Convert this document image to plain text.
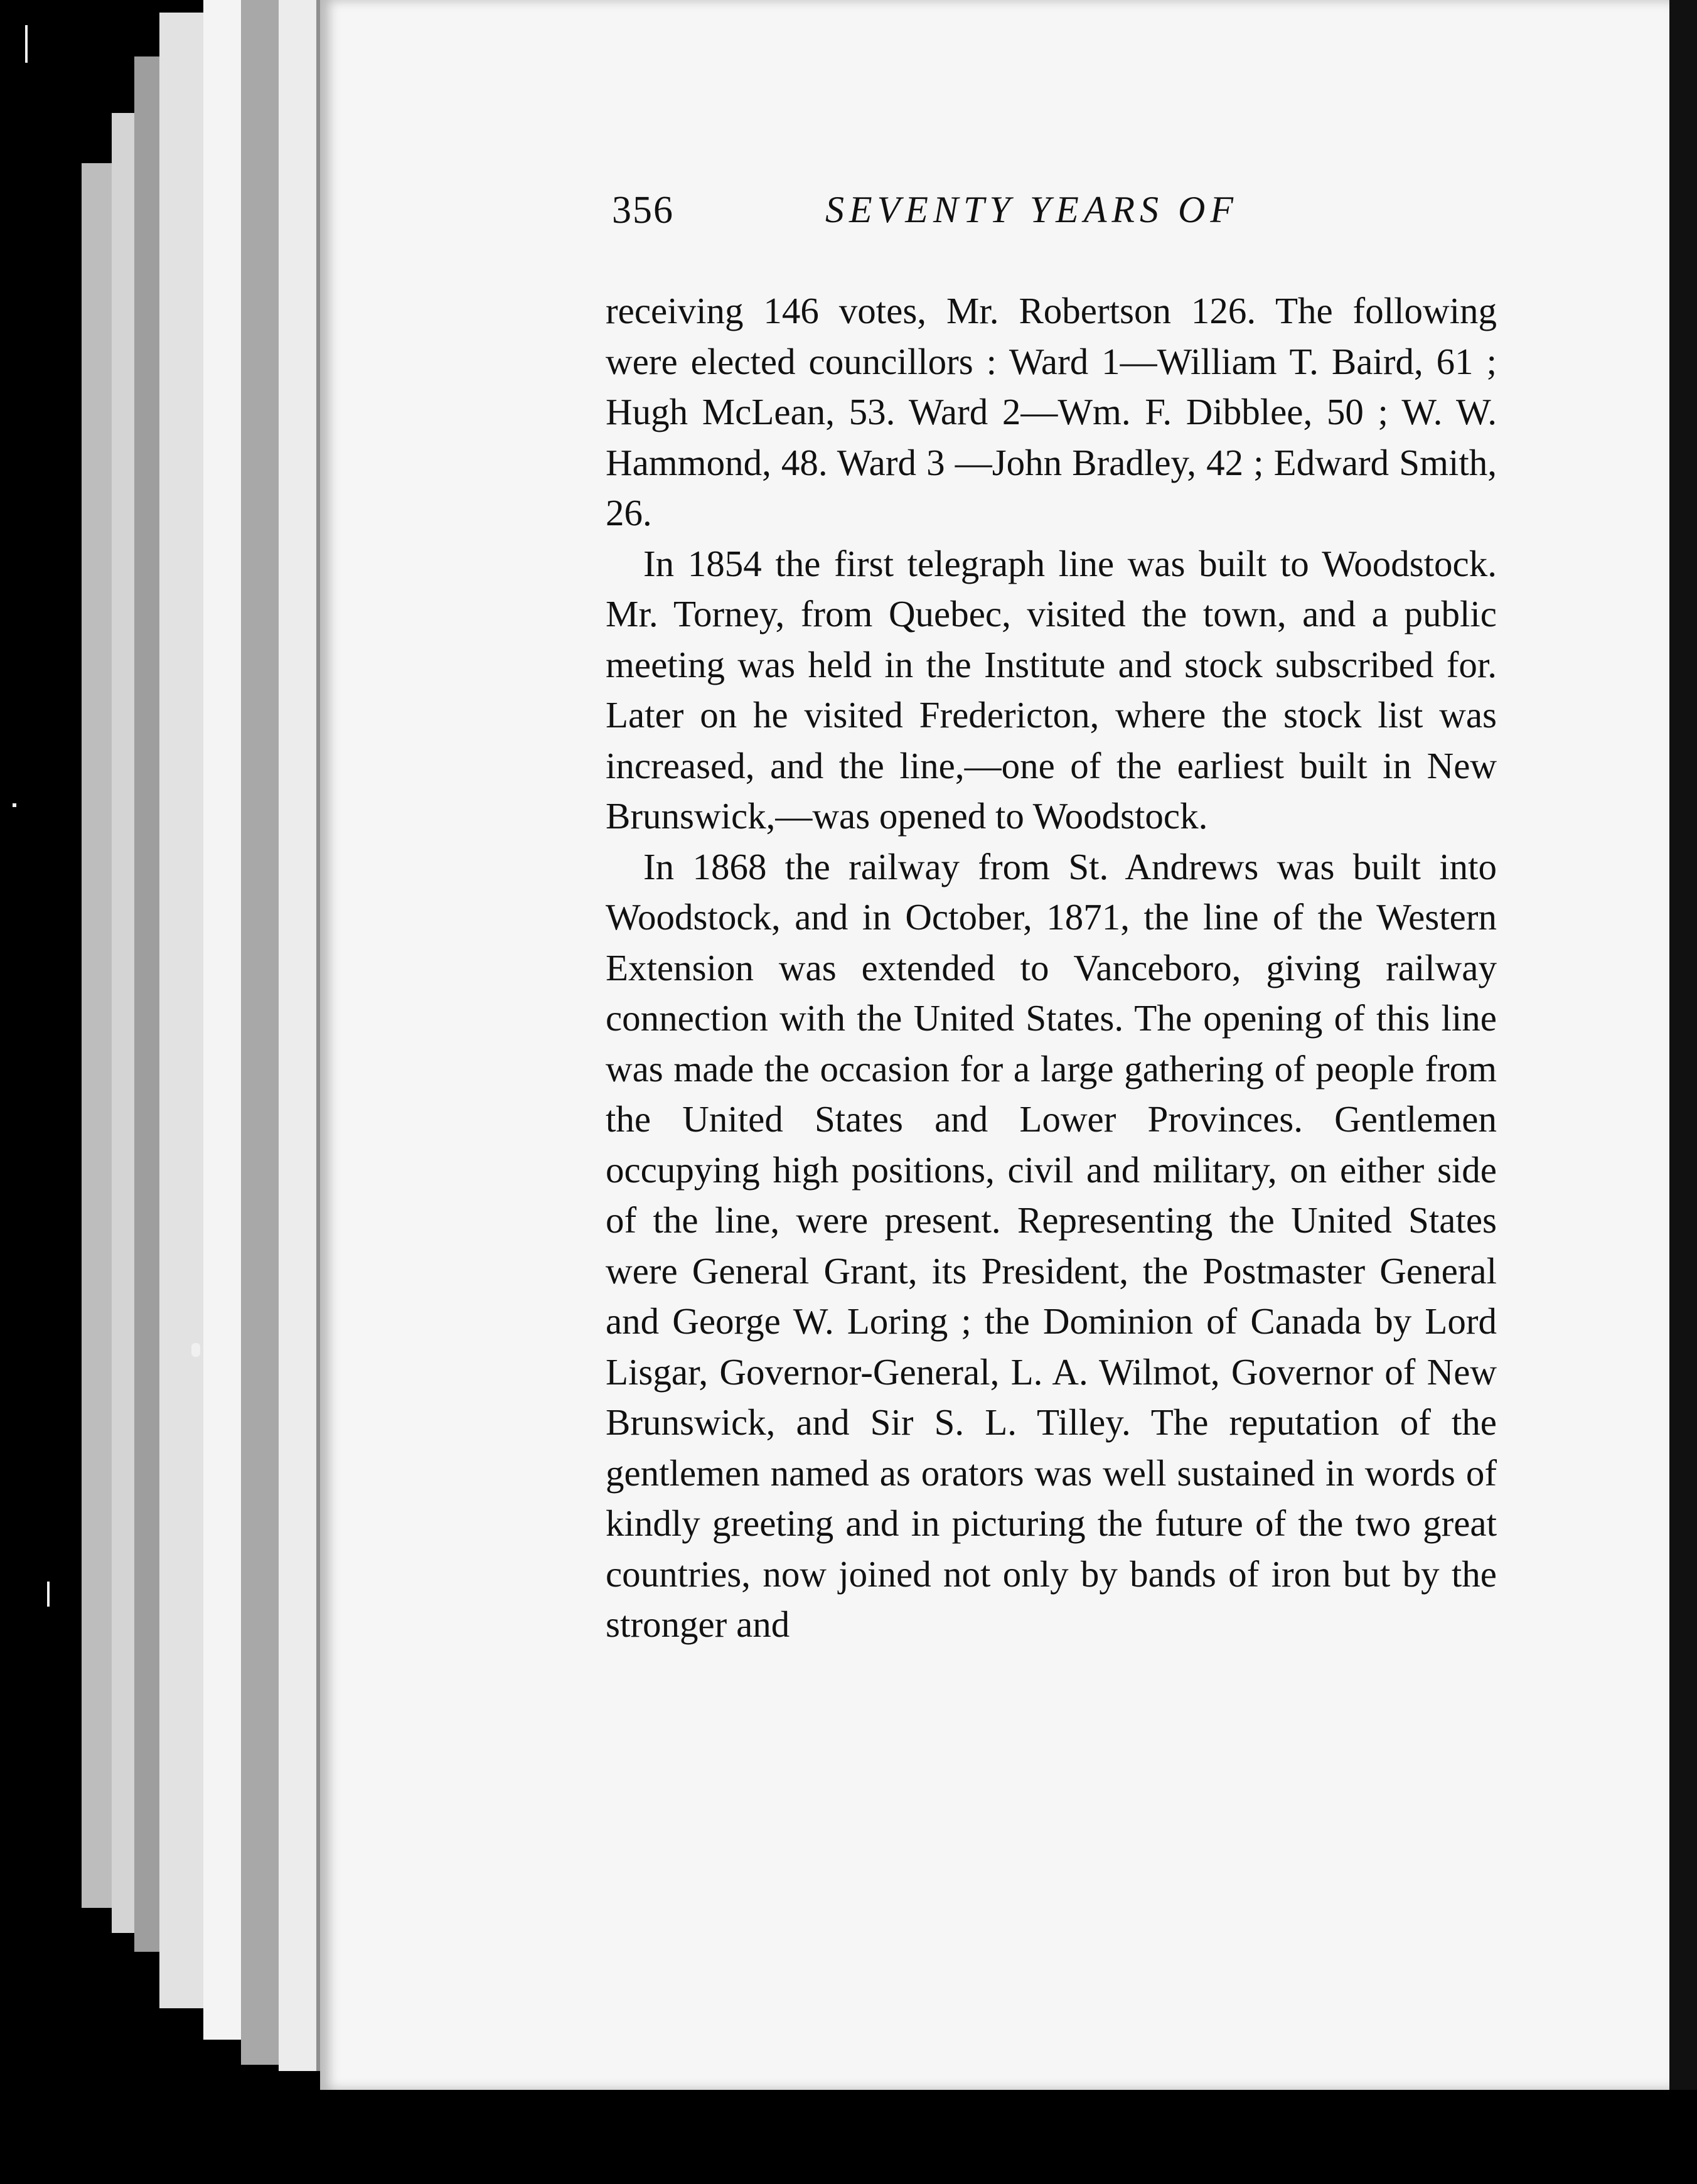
356	SEVENTY YEARS OF

receiving 146 votes, Mr. Robertson 126. The following were elected councillors : Ward 1—William T. Baird, 61 ; Hugh McLean, 53. Ward 2—Wm. F. Dibblee, 50 ; W. W. Hammond, 48. Ward 3 —John Bradley, 42 ; Edward Smith, 26.

In 1854 the first telegraph line was built to Woodstock. Mr. Torney, from Quebec, visited the town, and a public meeting was held in the Institute and stock subscribed for. Later on he visited Fredericton, where the stock list was increased, and the line,—one of the earliest built in New Brunswick,—was opened to Woodstock.

In 1868 the railway from St. Andrews was built into Woodstock, and in October, 1871, the line of the Western Extension was extended to Vanceboro, giving railway connection with the United States. The opening of this line was made the occasion for a large gathering of people from the United States and Lower Provinces. Gentlemen occupying high positions, civil and military, on either side of the line, were present. Representing the United States were General Grant, its President, the Postmaster General and George W. Loring ; the Dominion of Canada by Lord Lisgar, Governor-General, L. A. Wilmot, Governor of New Brunswick, and Sir S. L. Tilley. The reputation of the gentlemen named as orators was well sustained in words of kindly greeting and in picturing the future of the two great countries, now joined not only by bands of iron but by the stronger and
